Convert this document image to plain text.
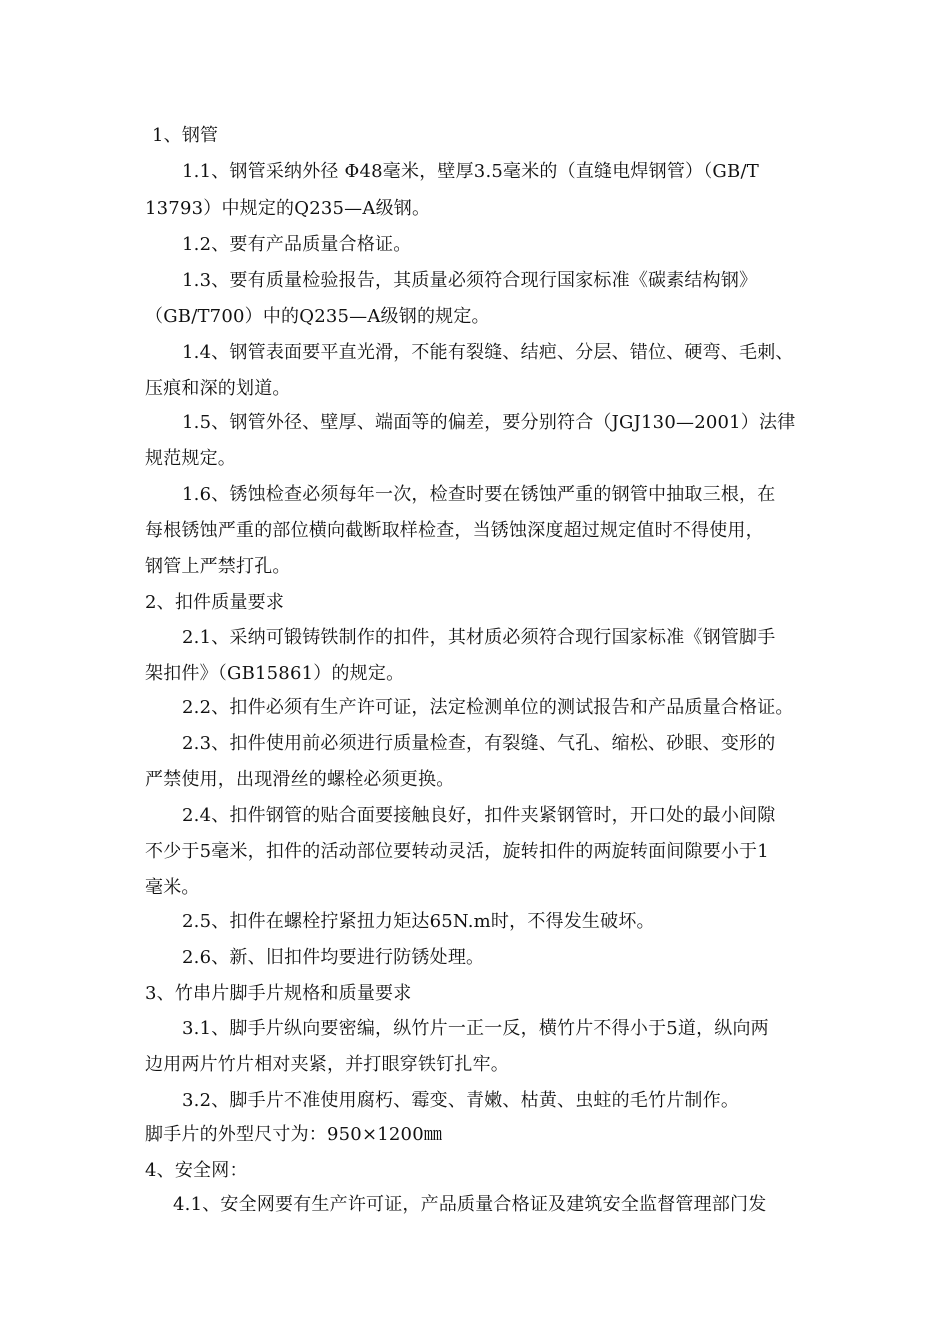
1、钢管
1.1、钢管采纳外径 Φ48毫米，壁厚3.5毫米的（直缝电焊钢管）（GB/T
13793）中规定的Q235—A级钢。
1.2、要有产品质量合格证。
1.3、要有质量检验报告，其质量必须符合现行国家标准《碳素结构钢》
（GB/T700）中的Q235—A级钢的规定。
1.4、钢管表面要平直光滑，不能有裂缝、结疤、分层、错位、硬弯、毛刺、
压痕和深的划道。
1.5、钢管外径、壁厚、端面等的偏差，要分别符合（JGJ130—2001）法律
规范规定。
1.6、锈蚀检查必须每年一次，检查时要在锈蚀严重的钢管中抽取三根，在
每根锈蚀严重的部位横向截断取样检查，当锈蚀深度超过规定值时不得使用，
钢管上严禁打孔。
2、扣件质量要求
2.1、采纳可锻铸铁制作的扣件，其材质必须符合现行国家标准《钢管脚手
架扣件》（GB15861）的规定。
2.2、扣件必须有生产许可证，法定检测单位的测试报告和产品质量合格证。
2.3、扣件使用前必须进行质量检查，有裂缝、气孔、缩松、砂眼、变形的
严禁使用，出现滑丝的螺栓必须更换。
2.4、扣件钢管的贴合面要接触良好，扣件夹紧钢管时，开口处的最小间隙
不少于5毫米，扣件的活动部位要转动灵活，旋转扣件的两旋转面间隙要小于1
毫米。
2.5、扣件在螺栓拧紧扭力矩达65N.m时，不得发生破坏。
2.6、新、旧扣件均要进行防锈处理。
3、竹串片脚手片规格和质量要求
3.1、脚手片纵向要密编，纵竹片一正一反，横竹片不得小于5道，纵向两
边用两片竹片相对夹紧，并打眼穿铁钉扎牢。
3.2、脚手片不准使用腐朽、霉变、青嫩、枯黄、虫蛀的毛竹片制作。
脚手片的外型尺寸为：950×1200㎜
4、安全网：
4.1、安全网要有生产许可证，产品质量合格证及建筑安全监督管理部门发
